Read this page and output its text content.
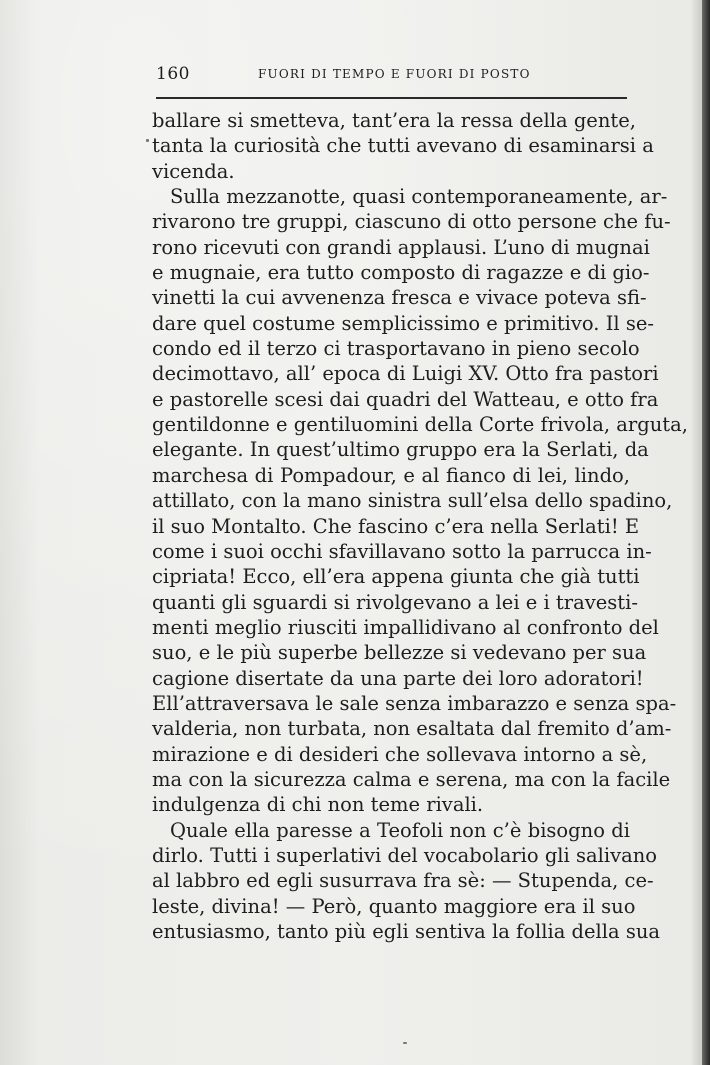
160	FUORI DI TEMPO E FUORI DI POSTO
ballare si smetteva, tant’era la ressa della gente,
tanta la curiosità che tutti avevano di esaminarsi a
vicenda.
Sulla mezzanotte, quasi contemporaneamente, ar-
rivarono tre gruppi, ciascuno di otto persone che fu-
rono ricevuti con grandi applausi. L’uno di mugnai
e mugnaie, era tutto composto di ragazze e di gio-
vinetti la cui avvenenza fresca e vivace poteva sfi-
dare quel costume semplicissimo e primitivo. Il se-
condo ed il terzo ci trasportavano in pieno secolo
decimottavo, all’ epoca di Luigi XV. Otto fra pastori
e pastorelle scesi dai quadri del Watteau, e otto fra
gentildonne e gentiluomini della Corte frivola, arguta,
elegante. In quest’ultimo gruppo era la Serlati, da
marchesa di Pompadour, e al fianco di lei, lindo,
attillato, con la mano sinistra sull’elsa dello spadino,
il suo Montalto. Che fascino c’era nella Serlati! E
come i suoi occhi sfavillavano sotto la parrucca in-
cipriata! Ecco, ell’era appena giunta che già tutti
quanti gli sguardi si rivolgevano a lei e i travesti-
menti meglio riusciti impallidivano al confronto del
suo, e le più superbe bellezze si vedevano per sua
cagione disertate da una parte dei loro adoratori!
Ell’attraversava le sale senza imbarazzo e senza spa-
valderia, non turbata, non esaltata dal fremito d’am-
mirazione e di desideri che sollevava intorno a sè,
ma con la sicurezza calma e serena, ma con la facile
indulgenza di chi non teme rivali.
Quale ella paresse a Teofoli non c’è bisogno di
dirlo. Tutti i superlativi del vocabolario gli salivano
al labbro ed egli susurrava fra sè: — Stupenda, ce-
leste, divina! — Però, quanto maggiore era il suo
entusiasmo, tanto più egli sentiva la follia della sua
